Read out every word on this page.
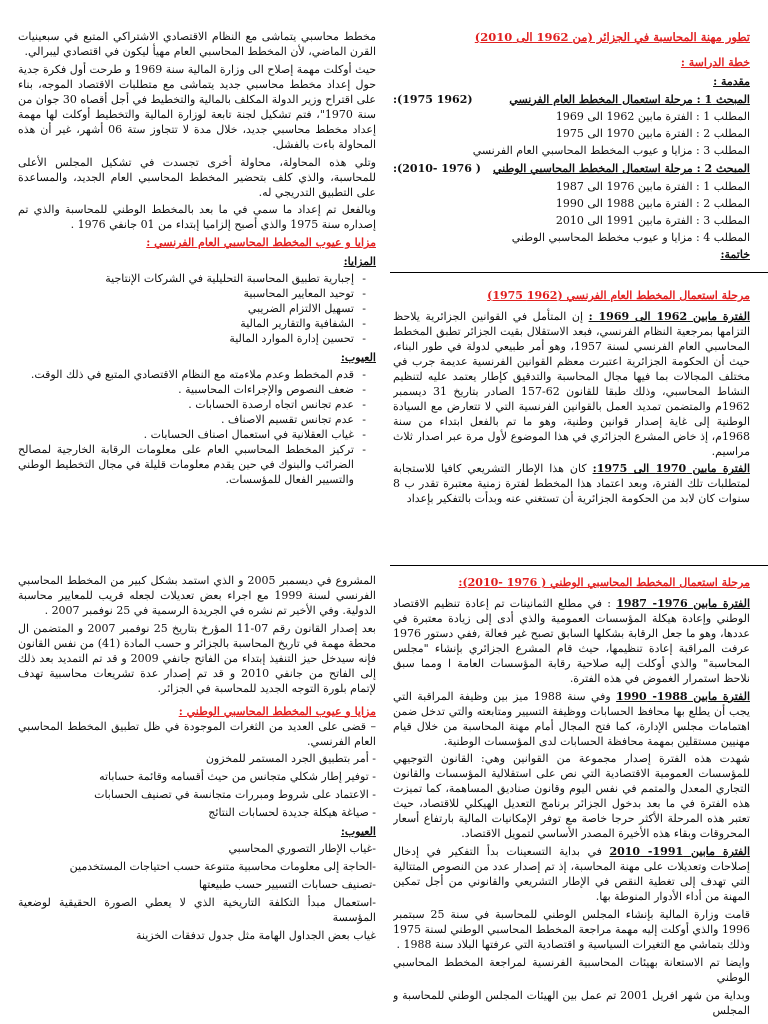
تطور مهنة المحاسبة في الجزائر (من 1962 الى 2010)
خطة الدراسة :
مقدمة :
المبحث 1 : مرحلة استعمال المخطط العام الفرنسي
(1962 1975):
المطلب 1 : الفترة مابين 1962 الى 1969
المطلب 2 : الفترة مابين 1970 الى 1975
المطلب 3 : مزايا و عيوب المخطط المحاسبي العام الفرنسي
المبحث 2 : مرحلة استعمال المخطط المحاسبي الوطني
( 1976 -2010):
المطلب 1 : الفترة مابين 1976 الى 1987
المطلب 2 : الفترة مابين 1988 الى 1990
المطلب 3 : الفترة مابين 1991 الى 2010
المطلب 4 : مزايا و عيوب مخطط المحاسبي الوطني
خاتمة:

مخطط محاسبي يتماشى مع النظام الاقتصادي الاشتراكي المتبع في سبعينيات القرن الماضي، لأن المخطط المحاسبي العام مهيأ ليكون في اقتصادي ليبرالي.

حيث أوكلت مهمة إصلاح الى وزارة المالية سنة 1969 و طرحت أول فكرة جدية حول إعداد مخطط محاسبي جديد يتماشى مع متطلبات الاقتصاد الموجه، بناء على اقتراح وزير الدولة المكلف بالمالية والتخطيط في أجل أقصاه 30 جوان من سنة 1970"، فتم تشكيل لجنة تابعة لوزارة المالية والتخطيط أوكلت لها مهمة إعداد مخطط محاسبي جديد، خلال مدة لا تتجاوز ستة 06 أشهر، غير أن هذه المحاولة باءت بالفشل.

وتلي هذه المحاولة، محاولة أخرى تجسدت في تشكيل المجلس الأعلى للمحاسبة، والذي كلف بتحضير المخطط المحاسبي العام الجديد، والمساعدة على التطبيق التدريجي له.

وبالفعل تم إعداد ما سمي في ما بعد بالمخطط الوطني للمحاسبة والذي تم إصداره سنة 1975 والذي أصبح إلزاميا إبتداء من 01 جانفي 1976 .

مزايا و عيوب المخطط المحاسبي العام الفرنسي :
المزايا:
- إجبارية تطبيق المحاسبة التحليلية في الشركات الإنتاجية
- توحيد المعايير المحاسبية
- تسهيل الالتزام الضريبي
- الشفافية والتقارير المالية
- تحسين إدارة الموارد المالية
العيوب:
- قدم المخطط وعدم ملاءمته مع النظام الاقتصادي المتبع في ذلك الوقت.
- ضعف النصوص والإجراءات المحاسبية .
- عدم تجانس اتجاه ارصدة الحسابات .
- عدم تجانس تقسيم الاصناف .
- غياب العقلانية في استعمال اصناف الحسابات .
- تركيز المخطط المحاسبي العام على معلومات الرقابة الخارجية لمصالح الضرائب والبنوك في حين يقدم معلومات قليلة في مجال التخطيط الوطني والتسيير الفعال للمؤسسات.
مرحلة استعمال المخطط العام الفرنسي (1962 1975)

الفترة مابين 1962 الى 1969 : إن المتأمل في القوانين الجزائرية يلاحظ التزامها بمرجعية النظام الفرنسي، فبعد الاستقلال بقيت الجزائر تطبق المخطط المحاسبي العام الفرنسي لسنة 1957، وهو أمر طبيعي لدولة في طور البناء، حيث أن الحكومة الجزائرية اعتبرت معظم القوانين الفرنسية عديمة جرب في مختلف المجالات بما فيها مجال المحاسبة والتدقيق كإطار يعتمد عليه لتنظيم النشاط المحاسبي، وذلك طبقا للقانون 62-157 الصادر بتاريخ 31 ديسمبر 1962م والمتضمن تمديد العمل بالقوانين الفرنسية التي لا تتعارض مع السيادة الوطنية إلى غاية إصدار قوانين وطنية، وهو ما تم بالفعل ابتداء من سنة 1968م، إذ خاض المشرع الجزائري في هذا الموضوع لأول مرة عبر اصدار ثلاث مراسيم.

الفترة مابين 1970 الى 1975: كان هذا الإطار التشريعي كافيا للاستجابة لمتطلبات تلك الفترة، وبعد اعتماد هذا المخطط لفترة زمنية معتبرة تقدر ب 8 سنوات كان لابد من الحكومة الجزائرية أن تستغني عنه وبدأت بالتفكير بإعداد

مرحلة استعمال المخطط المحاسبي الوطني ( 1976 -2010):

الفترة مابين 1976- 1987 : في مطلع الثمانينات تم إعادة تنظيم الاقتصاد الوطني وإعادة هيكلة المؤسسات العمومية والذي أدى إلى زيادة معتبرة في عددها، وهو ما جعل الرقابة بشكلها السابق تصبح غير فعالة ,ففي دستور 1976 عرفت المراقبة إعادة تنظيمها، حيث قام المشرع الجزائري بإنشاء "مجلس المحاسبة" والذي أوكلت إليه صلاحية رقابة المؤسسات العامة ا ومما سبق نلاحظ استمرار الغموض في هذه الفترة.

الفترة مابين 1988- 1990 وفي سنة 1988 ميز بين وظيفة المراقبة التي يجب أن يطلع بها محافظ الحسابات ووظيفة التسيير ومتابعته والتي تدخل ضمن اهتمامات مجلس الإدارة، كما فتح المجال أمام مهنة المحاسبة من خلال قيام مهنيين مستقلين بمهمة محافظة الحسابات لدى المؤسسات الوطنية.

شهدت هذه الفترة إصدار مجموعة من القوانين وهي: القانون التوجيهي للمؤسسات العمومية الاقتصادية التي نص على استقلالية المؤسسات والقانون التجاري المعدل والمتمم في نفس اليوم وقانون صناديق المساهمة، كما تميزت هذه الفترة في ما بعد بدخول الجزائر برنامج التعديل الهيكلي للاقتصاد، حيث تعتبر هذه المرحلة الأكثر حرجا خاصة مع توفر الإمكانيات المالية بارتفاع أسعار المحروقات وبقاء هذه الأخيرة المصدر الأساسي لتمويل الاقتصاد.

الفترة مابين 1991- 2010 في بداية التسعينات بدأ التفكير في إدخال إصلاحات وتعديلات على مهنة المحاسبة، إذ تم إصدار عدد من النصوص المتتالية التي تهدف إلى تغطية النقص في الإطار التشريعي والقانوني من أجل تمكين المهنة من أداء الأدوار المنوطة بها.

قامت وزارة المالية بإنشاء المجلس الوطني للمحاسبة في سنة 25 سبتمبر 1996 والذي أوكلت إليه مهمة مراجعة المخطط المحاسبي الوطني لسنة 1975 وذلك بتماشي مع التغيرات السياسية و اقتصادية التي عرفتها البلاد سنة 1988 .

وايضا تم الاستعانة بهيئات المحاسبية الفرنسية لمراجعة المخطط المحاسبي الوطني

وبداية من شهر افريل 2001 تم عمل بين الهيئات المجلس الوطني للمحاسبة و المجلس

المشروع في ديسمبر 2005 و الذي استمد بشكل كبير من المخطط المحاسبي الفرنسي لسنة 1999 مع اجراء بعض تعديلات لجعله قريب للمعايير محاسبة الدولية. وفي الأخير تم نشره في الجريدة الرسمية في 25 نوفمبر 2007 .

بعد إصدار القانون رقم 07-11 المؤرخ بتاريخ 25 نوفمبر 2007 و المتضمن ال محطة مهمة في تاريخ المحاسبة بالجزائر و حسب المادة (41) من نفس القانون فإنه سيدخل حيز التنفيذ إبتداء من الفاتح جانفي 2009 و قد تم التمديد بعد ذلك إلى الفاتح من جانفي 2010 و قد تم إصدار عدة تشريعات محاسبية تهدف لإتمام بلورة التوجه الجديد للمحاسبة في الجزائر.

مزايا و عيوب المخطط المحاسبي الوطني :

– قضى على العديد من الثغرات الموجودة في ظل تطبيق المخطط المحاسبي العام الفرنسي.

- أمر بتطبيق الجرد المستمر للمخزون

- توفير إطار شكلي متجانس من حيث أقسامه وقائمة حساباته

- الاعتماد على شروط ومبررات متجانسة في تصنيف الحسابات

- صياغة هيكلة جديدة لحسابات النتائج

العيوب:

-غياب الإطار التصوري المحاسبي

-الحاجة إلى معلومات محاسبية متنوعة حسب احتياجات المستخدمين

-تصنيف حسابات التسيير حسب طبيعتها

-استعمال مبدأ التكلفة التاريخية الذي لا يعطي الصورة الحقيقية لوضعية المؤسسة

غياب بعض الجداول الهامة مثل جدول تدفقات الخزينة
